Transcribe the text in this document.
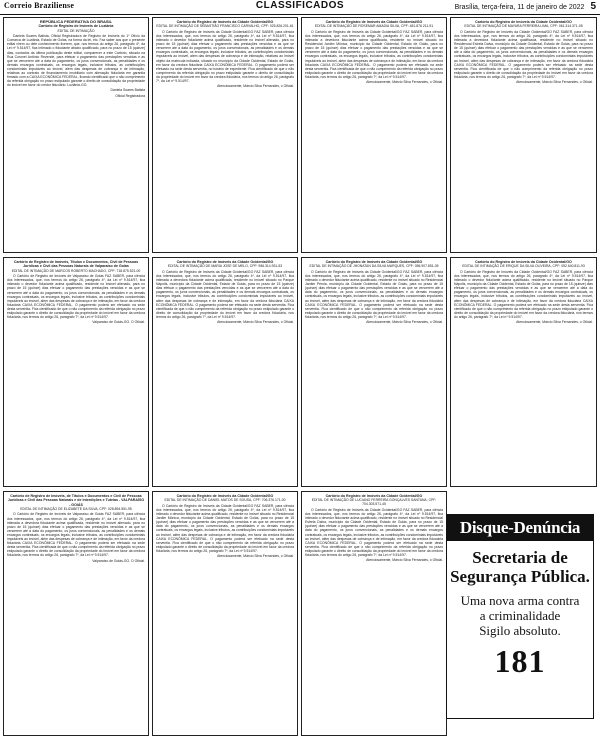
Correio Braziliense	CLASSIFICADOS	Brasília, terça-feira, 11 de janeiro de 2022 5
REPÚBLICA FEDERATIVA DO BRASIL
Cartório de Registro de Imóveis de Luziânia
EDITAL DE INTIMAÇÃO

Daniela Soares Batista, Oficial Registradora de Registro de Imóveis do 1º Ofício da Comarca de Luziânia, Estado de Goiás, na forma da lei, etc. Faz saber aos que o presente edital virem ou dele conhecimento tiverem, que, nos termos do artigo 26, parágrafo 4º, da Lei nº 9.514/97, fica intimado o fiduciante abaixo qualificado, para no prazo de 15 (quinze) dias, contados da última publicação deste edital, comparecer a este Cartório, situado na Rua Coronel Antônio Rezende, para efetuar o pagamento das prestações vencidas e as que se vencerem até a data do pagamento, os juros convencionais, as penalidades e os demais encargos contratuais, os encargos legais, inclusive tributos, as contribuições condominiais imputáveis ao imóvel, além das despesas de cobrança e de intimação, relativas ao contrato de financiamento imobiliário com alienação fiduciária em garantia firmado com a CAIXA ECONÔMICA FEDERAL, ficando cientificado que o não cumprimento da referida obrigação no prazo estipulado garante o direito de consolidação da propriedade do imóvel em favor do credor fiduciário. Luziânia-GO.

Daniela Soares Batista
Oficial Registradora
Cartório do Registro de Imóveis da Cidade Ocidental/GO
EDITAL DE INTIMAÇÃO DE SEBASTIÃO FRANCISCO CARVALHO, CPF: 025.826.201-61

O Cartório de Registro de Imóveis da Cidade Ocidental/GO FAZ SABER, para ciência dos interessados, que, nos termos do artigo 26, parágrafo 4º, da Lei nº 9.514/97, fica intimado o devedor fiduciante acima qualificado, residente no imóvel alienado, para no prazo de 15 (quinze) dias efetuar o pagamento das prestações vencidas e as que se vencerem até a data do pagamento, os juros convencionais, as penalidades e os demais encargos contratuais, os encargos legais, inclusive tributos, as contribuições condominiais imputáveis ao imóvel, além das despesas de cobrança e de intimação, relativas ao imóvel objeto da matrícula indicada, situado no município da Cidade Ocidental, Estado de Goiás, em favor da credora fiduciária CAIXA ECONÔMICA FEDERAL. O pagamento poderá ser efetuado na sede desta serventia, no horário de expediente. Fica cientificado de que o não cumprimento da referida obrigação no prazo estipulado garante o direito de consolidação da propriedade do imóvel em favor da credora fiduciária, nos termos do artigo 26, parágrafo 7º, da Lei nº 9.514/97.

Atenciosamente, Márcio Silva Fernandes, o Oficial.
Cartório do Registro de Imóveis da Cidade Ocidental/GO
EDITAL DE INTIMAÇÃO DE ROSEMAR AMADIA SILVA, CPF: 481.876.211-91

O Cartório de Registro de Imóveis da Cidade Ocidental/GO FAZ SABER, para ciência dos interessados, que, nos termos do artigo 26, parágrafo 4º, da Lei nº 9.514/97, fica intimada a devedora fiduciante acima qualificada, residente no imóvel situado no Residencial Jardim Mônica, município da Cidade Ocidental, Estado de Goiás, para no prazo de 15 (quinze) dias efetuar o pagamento das prestações vencidas e as que se vencerem até a data do pagamento, os juros convencionais, as penalidades e os demais encargos contratuais, os encargos legais, inclusive tributos, as contribuições condominiais imputáveis ao imóvel, além das despesas de cobrança e de intimação, em favor da credora fiduciária CAIXA ECONÔMICA FEDERAL. O pagamento poderá ser efetuado na sede desta serventia. Fica cientificada de que o não cumprimento da referida obrigação no prazo estipulado garante o direito de consolidação da propriedade do imóvel em favor da credora fiduciária, nos termos do artigo 26, parágrafo 7º, da Lei nº 9.514/97.

Atenciosamente, Márcio Silva Fernandes, o Oficial.
Cartório do Registro de Imóveis da Cidade Ocidental/GO
EDITAL DE INTIMAÇÃO DE MAYARA FERREIRA LIMA, CPF: 061.314.371-05

O Cartório de Registro de Imóveis da Cidade Ocidental/GO FAZ SABER, para ciência dos interessados, que, nos termos do artigo 26, parágrafo 4º, da Lei nº 9.514/97, fica intimada a devedora fiduciante acima qualificada, residente no imóvel situado no Residencial Estrela Dalva, município da Cidade Ocidental, Estado de Goiás, para no prazo de 15 (quinze) dias efetuar o pagamento das prestações vencidas e as que se vencerem até a data do pagamento, os juros convencionais, as penalidades e os demais encargos contratuais, os encargos legais, inclusive tributos, as contribuições condominiais imputáveis ao imóvel, além das despesas de cobrança e de intimação, em favor da credora fiduciária CAIXA ECONÔMICA FEDERAL. O pagamento poderá ser efetuado na sede desta serventia. Fica cientificada de que o não cumprimento da referida obrigação no prazo estipulado garante o direito de consolidação da propriedade do imóvel em favor da credora fiduciária, nos termos do artigo 26, parágrafo 7º, da Lei nº 9.514/97.

Atenciosamente, Márcio Silva Fernandes, o Oficial.
Cartório de Registro de Imóveis, Títulos e Documentos, Civil de Pessoas Jurídicas e Civil das Pessoas Naturais de Valparaíso de Goiás
EDITAL DE INTIMAÇÃO DE MARCOS ROBERTO MACHADO, CPF: 718.875.521-00

O Cartório de Registro de Imóveis de Valparaíso de Goiás FAZ SABER, para ciência dos interessados, que, nos termos do artigo 26, parágrafo 4º, da Lei nº 9.514/97, fica intimado o devedor fiduciante acima qualificado, residente no imóvel alienado, para no prazo de 15 (quinze) dias efetuar o pagamento das prestações vencidas e as que se vencerem até a data do pagamento, os juros convencionais, as penalidades e os demais encargos contratuais, os encargos legais, inclusive tributos, as contribuições condominiais imputáveis ao imóvel, além das despesas de cobrança e de intimação, em favor da credora fiduciária CAIXA ECONÔMICA FEDERAL. O pagamento poderá ser efetuado na sede desta serventia. Fica cientificado de que o não cumprimento da referida obrigação no prazo estipulado garante o direito de consolidação da propriedade do imóvel em favor da credora fiduciária, nos termos do artigo 26, parágrafo 7º, da Lei nº 9.514/97.

Valparaíso de Goiás-GO. O Oficial.
Cartório do Registro de Imóveis da Cidade Ocidental/GO
EDITAL DE INTIMAÇÃO DE MARIA JOSE DE MELO, CPF: 986.314.931-53

O Cartório de Registro de Imóveis da Cidade Ocidental/GO FAZ SABER, para ciência dos interessados, que, nos termos do artigo 26, parágrafo 4º, da Lei nº 9.514/97, fica intimada a devedora fiduciante acima qualificada, residente no imóvel situado no Parque Nápolis, município da Cidade Ocidental, Estado de Goiás, para no prazo de 15 (quinze) dias efetuar o pagamento das prestações vencidas e as que se vencerem até a data do pagamento, os juros convencionais, as penalidades e os demais encargos contratuais, os encargos legais, inclusive tributos, as contribuições condominiais imputáveis ao imóvel, além das despesas de cobrança e de intimação, em favor da credora fiduciária CAIXA ECONÔMICA FEDERAL. O pagamento poderá ser efetuado na sede desta serventia. Fica cientificada de que o não cumprimento da referida obrigação no prazo estipulado garante o direito de consolidação da propriedade do imóvel em favor da credora fiduciária, nos termos do artigo 26, parágrafo 7º, da Lei nº 9.514/97.

Atenciosamente, Márcio Silva Fernandes, o Oficial.
Cartório do Registro de Imóveis da Cidade Ocidental/GO
EDITAL DE INTIMAÇÃO DE JHONATAN DA SILVA MARQUES, CPF: 056.907.851-05

O Cartório de Registro de Imóveis da Cidade Ocidental/GO FAZ SABER, para ciência dos interessados, que, nos termos do artigo 26, parágrafo 4º, da Lei nº 9.514/97, fica intimado o devedor fiduciante acima qualificado, residente no imóvel situado no Residencial Jardim Pérola, município da Cidade Ocidental, Estado de Goiás, para no prazo de 15 (quinze) dias efetuar o pagamento das prestações vencidas e as que se vencerem até a data do pagamento, os juros convencionais, as penalidades e os demais encargos contratuais, os encargos legais, inclusive tributos, as contribuições condominiais imputáveis ao imóvel, além das despesas de cobrança e de intimação, em favor da credora fiduciária CAIXA ECONÔMICA FEDERAL. O pagamento poderá ser efetuado na sede desta serventia. Fica cientificado de que o não cumprimento da referida obrigação no prazo estipulado garante o direito de consolidação da propriedade do imóvel em favor da credora fiduciária, nos termos do artigo 26, parágrafo 7º, da Lei nº 9.514/97.

Atenciosamente, Márcio Silva Fernandes, o Oficial.
Cartório do Registro de Imóveis da Cidade Ocidental/GO
EDITAL DE INTIMAÇÃO DE ERIQUE DA SILVA OLIVEIRA, CPF: 052.640.811-93

O Cartório de Registro de Imóveis da Cidade Ocidental/GO FAZ SABER, para ciência dos interessados, que, nos termos do artigo 26, parágrafo 4º, da Lei nº 9.514/97, fica intimado o devedor fiduciante acima qualificado, residente no imóvel situado no Parque Nápolis, município da Cidade Ocidental, Estado de Goiás, para no prazo de 15 (quinze) dias efetuar o pagamento das prestações vencidas e as que se vencerem até a data do pagamento, os juros convencionais, as penalidades e os demais encargos contratuais, os encargos legais, inclusive tributos, as contribuições condominiais imputáveis ao imóvel, além das despesas de cobrança e de intimação, em favor da credora fiduciária CAIXA ECONÔMICA FEDERAL. O pagamento poderá ser efetuado na sede desta serventia. Fica cientificado de que o não cumprimento da referida obrigação no prazo estipulado garante o direito de consolidação da propriedade do imóvel em favor da credora fiduciária, nos termos do artigo 26, parágrafo 7º, da Lei nº 9.514/97.

Atenciosamente, Márcio Silva Fernandes, o Oficial.
Cartório de Registro de Imóveis, de Títulos e Documentos e Civil de Pessoas Jurídicas e Civil das Pessoas Naturais e de Interdições e Tutelas - VALPARAÍSO - GOIÁS
EDITAL DE INTIMAÇÃO DE ELIZABETE DA SILVA, CPF: 028.894.551-95

O Cartório de Registro de Imóveis de Valparaíso de Goiás FAZ SABER, para ciência dos interessados, que, nos termos do artigo 26, parágrafo 4º, da Lei nº 9.514/97, fica intimada a devedora fiduciante acima qualificada, residente no imóvel alienado, para no prazo de 15 (quinze) dias efetuar o pagamento das prestações vencidas e as que se vencerem até a data do pagamento, os juros convencionais, as penalidades e os demais encargos contratuais, os encargos legais, inclusive tributos, as contribuições condominiais imputáveis ao imóvel, além das despesas de cobrança e de intimação, em favor da credora fiduciária CAIXA ECONÔMICA FEDERAL. O pagamento poderá ser efetuado na sede desta serventia. Fica cientificada de que o não cumprimento da referida obrigação no prazo estipulado garante o direito de consolidação da propriedade do imóvel em favor da credora fiduciária, nos termos do artigo 26, parágrafo 7º, da Lei nº 9.514/97.

Valparaíso de Goiás-GO. O Oficial.
Cartório do Registro de Imóveis da Cidade Ocidental/GO
EDITAL DE INTIMAÇÃO DE DANIEL MATOS DE SOUSA, CPF: 706.376.171-00

O Cartório de Registro de Imóveis da Cidade Ocidental/GO FAZ SABER, para ciência dos interessados, que, nos termos do artigo 26, parágrafo 4º, da Lei nº 9.514/97, fica intimado o devedor fiduciante acima qualificado, residente no imóvel situado no Residencial Jardim Mônica, município da Cidade Ocidental, Estado de Goiás, para no prazo de 15 (quinze) dias efetuar o pagamento das prestações vencidas e as que se vencerem até a data do pagamento, os juros convencionais, as penalidades e os demais encargos contratuais, os encargos legais, inclusive tributos, as contribuições condominiais imputáveis ao imóvel, além das despesas de cobrança e de intimação, em favor da credora fiduciária CAIXA ECONÔMICA FEDERAL. O pagamento poderá ser efetuado na sede desta serventia. Fica cientificado de que o não cumprimento da referida obrigação no prazo estipulado garante o direito de consolidação da propriedade do imóvel em favor da credora fiduciária, nos termos do artigo 26, parágrafo 7º, da Lei nº 9.514/97.

Atenciosamente, Márcio Silva Fernandes, o Oficial.
Cartório do Registro de Imóveis da Cidade Ocidental/GO
EDITAL DE INTIMAÇÃO DE LUCIANO FERREIRA GONÇALVES SANTANA, CPF: 704.303.571-45

O Cartório de Registro de Imóveis da Cidade Ocidental/GO FAZ SABER, para ciência dos interessados, que, nos termos do artigo 26, parágrafo 4º, da Lei nº 9.514/97, fica intimado o devedor fiduciante acima qualificado, residente no imóvel situado no Residencial Estrela Dalva, município da Cidade Ocidental, Estado de Goiás, para no prazo de 15 (quinze) dias efetuar o pagamento das prestações vencidas e as que se vencerem até a data do pagamento, os juros convencionais, as penalidades e os demais encargos contratuais, os encargos legais, inclusive tributos, as contribuições condominiais imputáveis ao imóvel, além das despesas de cobrança e de intimação, em favor da credora fiduciária CAIXA ECONÔMICA FEDERAL. O pagamento poderá ser efetuado na sede desta serventia. Fica cientificado de que o não cumprimento da referida obrigação no prazo estipulado garante o direito de consolidação da propriedade do imóvel em favor da credora fiduciária, nos termos do artigo 26, parágrafo 7º, da Lei nº 9.514/97.

Atenciosamente, Márcio Silva Fernandes, o Oficial.
Disque-Denúncia
Secretaria de
Segurança Pública.
Uma nova arma contra
a criminalidade
Sigilo absoluto.
181
